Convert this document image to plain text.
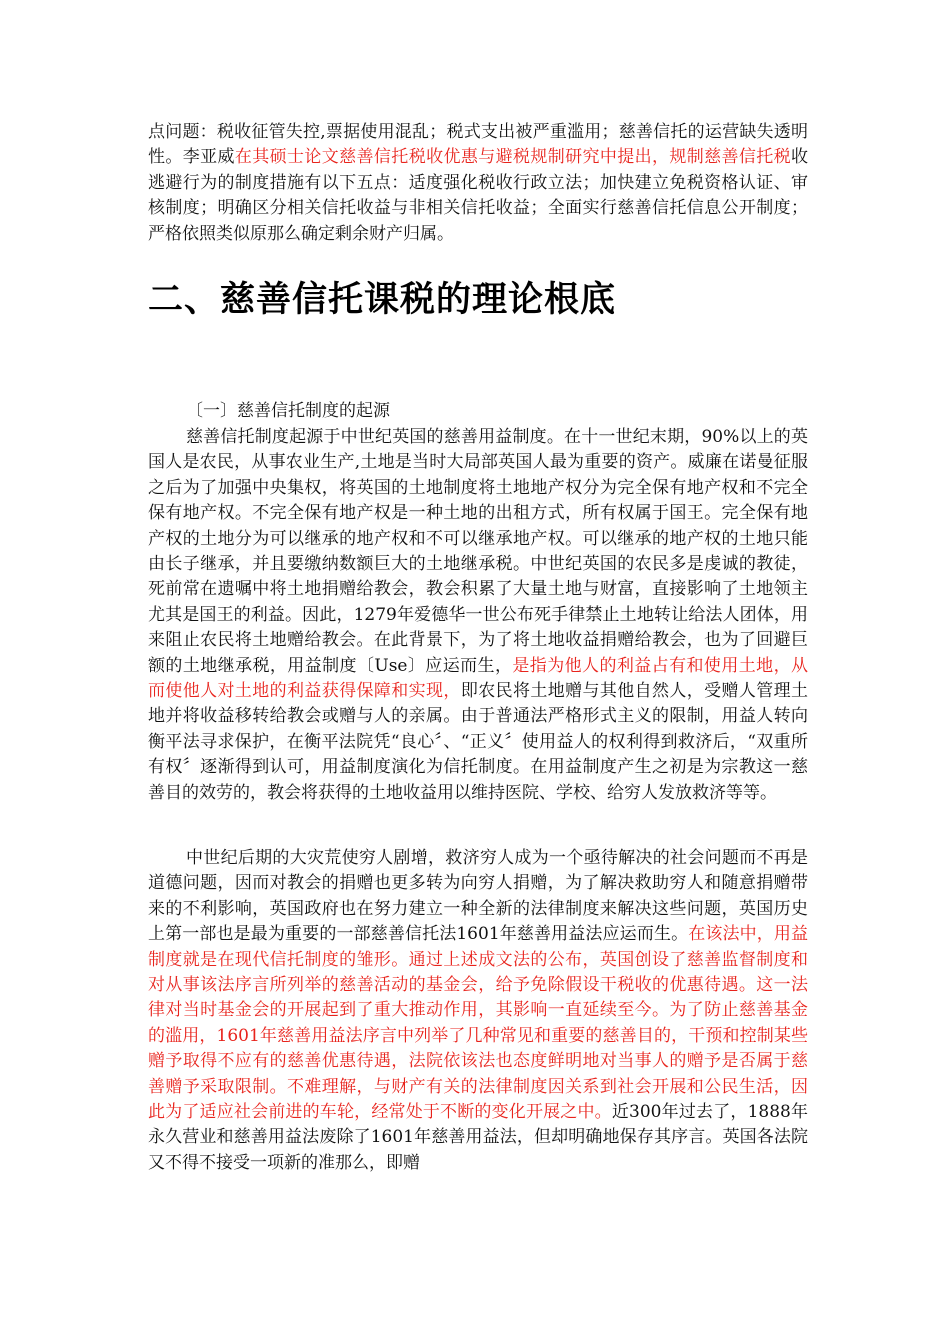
点问题：税收征管失控,票据使用混乱；税式支出被严重滥用；慈善信托的运营缺失透明性。李亚威在其硕士论文慈善信托税收优惠与避税规制研究中提出，规制慈善信托税收逃避行为的制度措施有以下五点：适度强化税收行政立法；加快建立免税资格认证、审核制度；明确区分相关信托收益与非相关信托收益；全面实行慈善信托信息公开制度；严格依照类似原那么确定剩余财产归属。

二、慈善信托课税的理论根底

〔一〕慈善信托制度的起源

慈善信托制度起源于中世纪英国的慈善用益制度。在十一世纪末期，90%以上的英国人是农民，从事农业生产,土地是当时大局部英国人最为重要的资产。威廉在诺曼征服之后为了加强中央集权，将英国的土地制度将土地地产权分为完全保有地产权和不完全保有地产权。不完全保有地产权是一种土地的出租方式，所有权属于国王。完全保有地产权的土地分为可以继承的地产权和不可以继承地产权。可以继承的地产权的土地只能由长子继承，并且要缴纳数额巨大的土地继承税。中世纪英国的农民多是虔诚的教徒，死前常在遗嘱中将土地捐赠给教会，教会积累了大量土地与财富，直接影响了土地领主尤其是国王的利益。因此，1279年爱德华一世公布死手律禁止土地转让给法人团体，用来阻止农民将土地赠给教会。在此背景下，为了将土地收益捐赠给教会，也为了回避巨额的土地继承税，用益制度〔Use〕应运而生，是指为他人的利益占有和使用土地，从而使他人对土地的利益获得保障和实现，即农民将土地赠与其他自然人，受赠人管理土地并将收益移转给教会或赠与人的亲属。由于普通法严格形式主义的限制，用益人转向衡平法寻求保护，在衡平法院凭“良心〞、“正义〞使用益人的权利得到救济后，“双重所有权〞逐渐得到认可，用益制度演化为信托制度。在用益制度产生之初是为宗教这一慈善目的效劳的，教会将获得的土地收益用以维持医院、学校、给穷人发放救济等等。

中世纪后期的大灾荒使穷人剧增，救济穷人成为一个亟待解决的社会问题而不再是道德问题，因而对教会的捐赠也更多转为向穷人捐赠，为了解决救助穷人和随意捐赠带来的不利影响，英国政府也在努力建立一种全新的法律制度来解决这些问题，英国历史上第一部也是最为重要的一部慈善信托法1601年慈善用益法应运而生。在该法中，用益制度就是在现代信托制度的雏形。通过上述成文法的公布，英国创设了慈善监督制度和对从事该法序言所列举的慈善活动的基金会，给予免除假设干税收的优惠待遇。这一法律对当时基金会的开展起到了重大推动作用，其影响一直延续至今。为了防止慈善基金的滥用，1601年慈善用益法序言中列举了几种常见和重要的慈善目的，干预和控制某些赠予取得不应有的慈善优惠待遇，法院依该法也态度鲜明地对当事人的赠予是否属于慈善赠予采取限制。不难理解，与财产有关的法律制度因关系到社会开展和公民生活，因此为了适应社会前进的车轮，经常处于不断的变化开展之中。近300年过去了，1888年永久营业和慈善用益法废除了1601年慈善用益法，但却明确地保存其序言。英国各法院又不得不接受一项新的准那么，即赠
